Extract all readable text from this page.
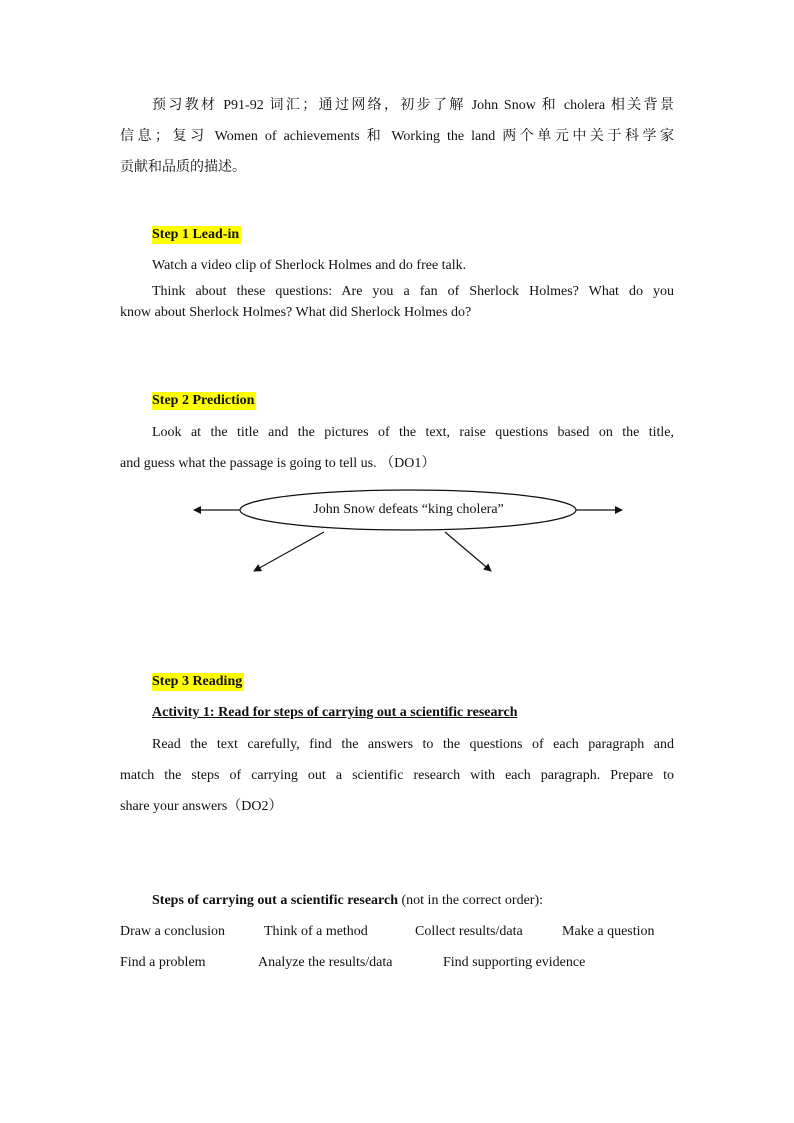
预习教材 P91-92 词汇；通过网络，初步了解 John Snow 和 cholera 相关背景
信息；复习 Women of achievements 和 Working the land 两个单元中关于科学家
贡献和品质的描述。
Step 1 Lead-in
Watch a video clip of Sherlock Holmes and do free talk.
Think about these questions: Are you a fan of Sherlock Holmes? What do you
know about Sherlock Holmes? What did Sherlock Holmes do?
Step 2 Prediction
Look at the title and the pictures of the text, raise questions based on the title,
and guess what the passage is going to tell us. （DO1）
John Snow defeats “king cholera”
Step 3 Reading
Activity 1: Read for steps of carrying out a scientific research
Read the text carefully, find the answers to the questions of each paragraph and
match the steps of carrying out a scientific research with each paragraph. Prepare to
share your answers（DO2）
Steps of carrying out a scientific research (not in the correct order):
Draw a conclusion	Think of a method	Collect results/data	Make a question
Find a problem	Analyze the results/data	Find supporting evidence
